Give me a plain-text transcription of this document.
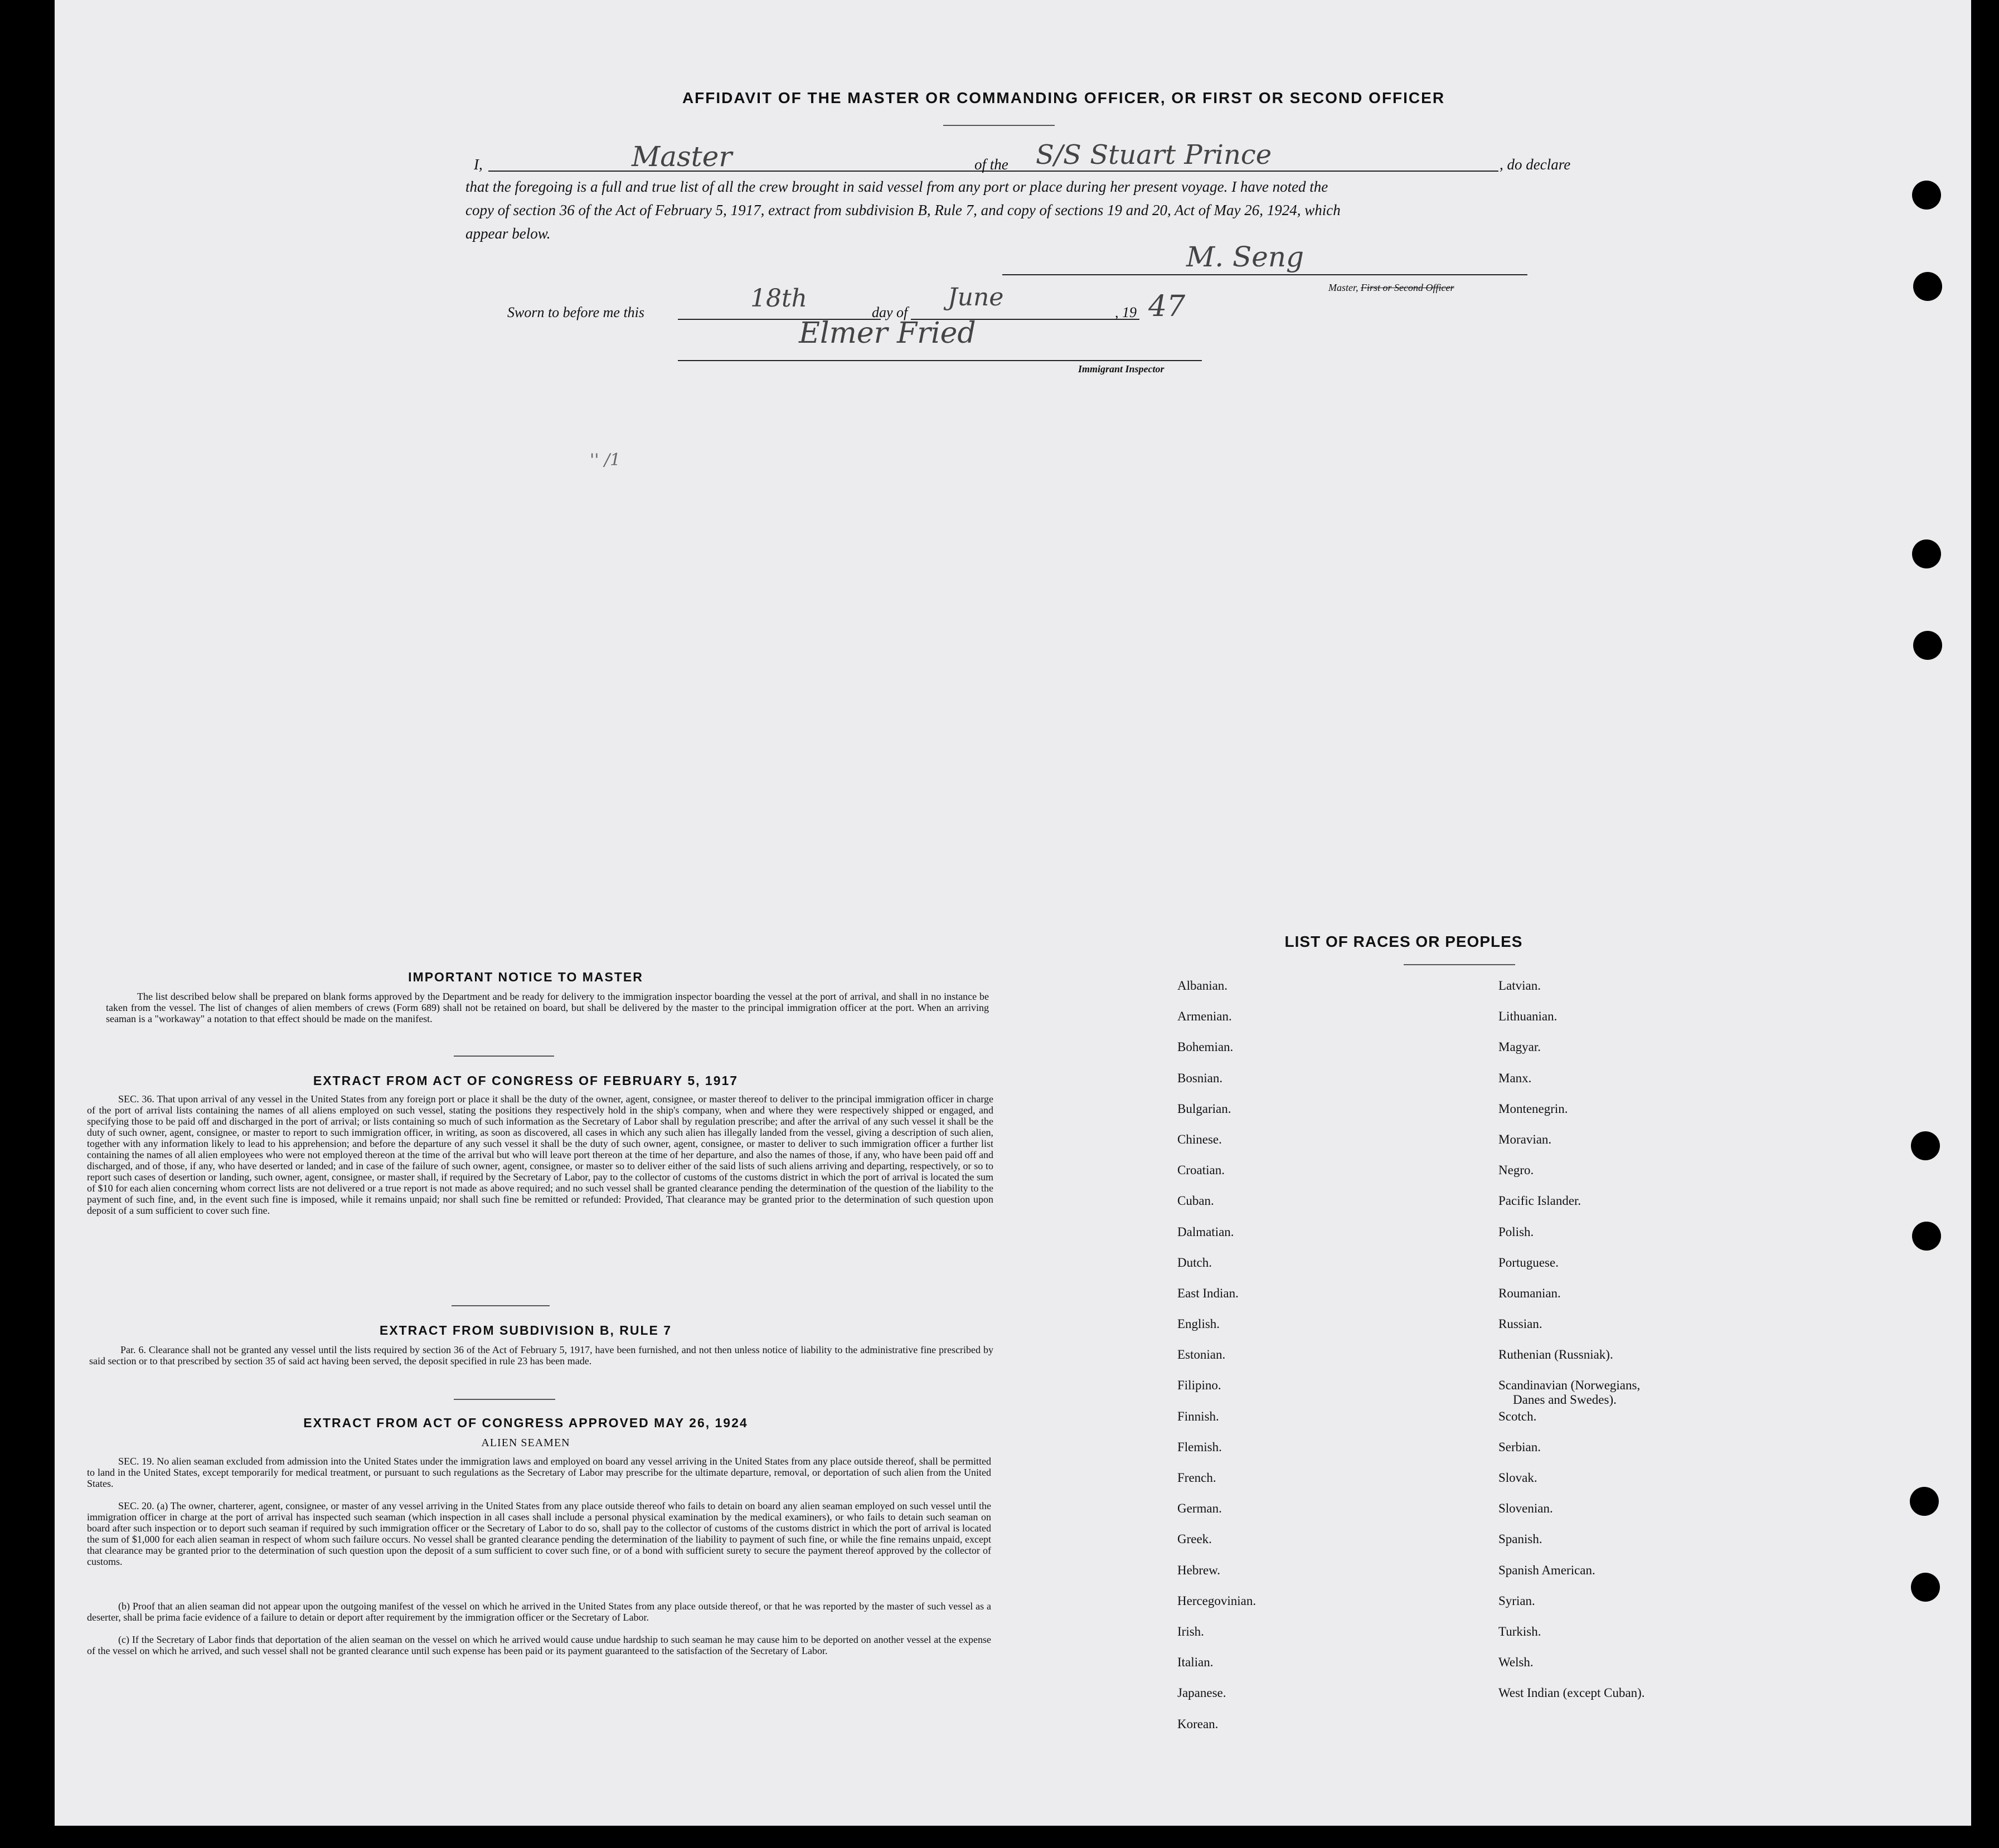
AFFIDAVIT OF THE MASTER OR COMMANDING OFFICER, OR FIRST OR SECOND OFFICER
I,	Master	of the S/S Stuart Prince	, do declare
that the foregoing is a full and true list of all the crew brought in said vessel from any port or place during her present voyage. I have noted the
copy of section 36 of the Act of February 5, 1917, extract from subdivision B, Rule 7, and copy of sections 19 and 20, Act of May 26, 1924, which
appear below.
M. Seng
Master, First or Second Officer
Sworn to before me this	18th	day of
June
, 19 47
Elmer Fried
Immigrant Inspector
'' /1
IMPORTANT NOTICE TO MASTER
The list described below shall be prepared on blank forms approved by the Department and be ready for delivery to the immigration inspector boarding the vessel at the port of arrival, and shall in no instance be taken from the vessel. The list of changes of alien members of crews (Form 689) shall not be retained on board, but shall be delivered by the master to the principal immigration officer at the port. When an arriving seaman is a "workaway" a notation to that effect should be made on the manifest.
EXTRACT FROM ACT OF CONGRESS OF FEBRUARY 5, 1917
SEC. 36. That upon arrival of any vessel in the United States from any foreign port or place it shall be the duty of the owner, agent, consignee, or master thereof to deliver to the principal immigration officer in charge of the port of arrival lists containing the names of all aliens employed on such vessel, stating the positions they respectively hold in the ship's company, when and where they were respectively shipped or engaged, and specifying those to be paid off and discharged in the port of arrival; or lists containing so much of such information as the Secretary of Labor shall by regulation prescribe; and after the arrival of any such vessel it shall be the duty of such owner, agent, consignee, or master to report to such immigration officer, in writing, as soon as discovered, all cases in which any such alien has illegally landed from the vessel, giving a description of such alien, together with any information likely to lead to his apprehension; and before the departure of any such vessel it shall be the duty of such owner, agent, consignee, or master to deliver to such immigration officer a further list containing the names of all alien employees who were not employed thereon at the time of the arrival but who will leave port thereon at the time of her departure, and also the names of those, if any, who have been paid off and discharged, and of those, if any, who have deserted or landed; and in case of the failure of such owner, agent, consignee, or master so to deliver either of the said lists of such aliens arriving and departing, respectively, or so to report such cases of desertion or landing, such owner, agent, consignee, or master shall, if required by the Secretary of Labor, pay to the collector of customs of the customs district in which the port of arrival is located the sum of $10 for each alien concerning whom correct lists are not delivered or a true report is not made as above required; and no such vessel shall be granted clearance pending the determination of the question of the liability to the payment of such fine, and, in the event such fine is imposed, while it remains unpaid; nor shall such fine be remitted or refunded: Provided, That clearance may be granted prior to the determination of such question upon deposit of a sum sufficient to cover such fine.
EXTRACT FROM SUBDIVISION B, RULE 7
Par. 6. Clearance shall not be granted any vessel until the lists required by section 36 of the Act of February 5, 1917, have been furnished, and not then unless notice of liability to the administrative fine prescribed by said section or to that prescribed by section 35 of said act having been served, the deposit specified in rule 23 has been made.
EXTRACT FROM ACT OF CONGRESS APPROVED MAY 26, 1924
ALIEN SEAMEN
SEC. 19. No alien seaman excluded from admission into the United States under the immigration laws and employed on board any vessel arriving in the United States from any place outside thereof, shall be permitted to land in the United States, except temporarily for medical treatment, or pursuant to such regulations as the Secretary of Labor may prescribe for the ultimate departure, removal, or deportation of such alien from the United States.
SEC. 20. (a) The owner, charterer, agent, consignee, or master of any vessel arriving in the United States from any place outside thereof who fails to detain on board any alien seaman employed on such vessel until the immigration officer in charge at the port of arrival has inspected such seaman (which inspection in all cases shall include a personal physical examination by the medical examiners), or who fails to detain such seaman on board after such inspection or to deport such seaman if required by such immigration officer or the Secretary of Labor to do so, shall pay to the collector of customs of the customs district in which the port of arrival is located the sum of $1,000 for each alien seaman in respect of whom such failure occurs. No vessel shall be granted clearance pending the determination of the liability to payment of such fine, or while the fine remains unpaid, except that clearance may be granted prior to the determination of such question upon the deposit of a sum sufficient to cover such fine, or of a bond with sufficient surety to secure the payment thereof approved by the collector of customs.
(b) Proof that an alien seaman did not appear upon the outgoing manifest of the vessel on which he arrived in the United States from any place outside thereof, or that he was reported by the master of such vessel as a deserter, shall be prima facie evidence of a failure to detain or deport after requirement by the immigration officer or the Secretary of Labor.
(c) If the Secretary of Labor finds that deportation of the alien seaman on the vessel on which he arrived would cause undue hardship to such seaman he may cause him to be deported on another vessel at the expense of the vessel on which he arrived, and such vessel shall not be granted clearance until such expense has been paid or its payment guaranteed to the satisfaction of the Secretary of Labor.
LIST OF RACES OR PEOPLES
Albanian.
Armenian.
Bohemian.
Bosnian.
Bulgarian.
Chinese.
Croatian.
Cuban.
Dalmatian.
Dutch.
East Indian.
English.
Estonian.
Filipino.
Finnish.
Flemish.
French.
German.
Greek.
Hebrew.
Hercegovinian.
Irish.
Italian.
Japanese.
Korean.
Latvian.
Lithuanian.
Magyar.
Manx.
Montenegrin.
Moravian.
Negro.
Pacific Islander.
Polish.
Portuguese.
Roumanian.
Russian.
Ruthenian (Russniak).
Scandinavian (Norwegians,
Danes and Swedes).
Scotch.
Serbian.
Slovak.
Slovenian.
Spanish.
Spanish American.
Syrian.
Turkish.
Welsh.
West Indian (except Cuban).
